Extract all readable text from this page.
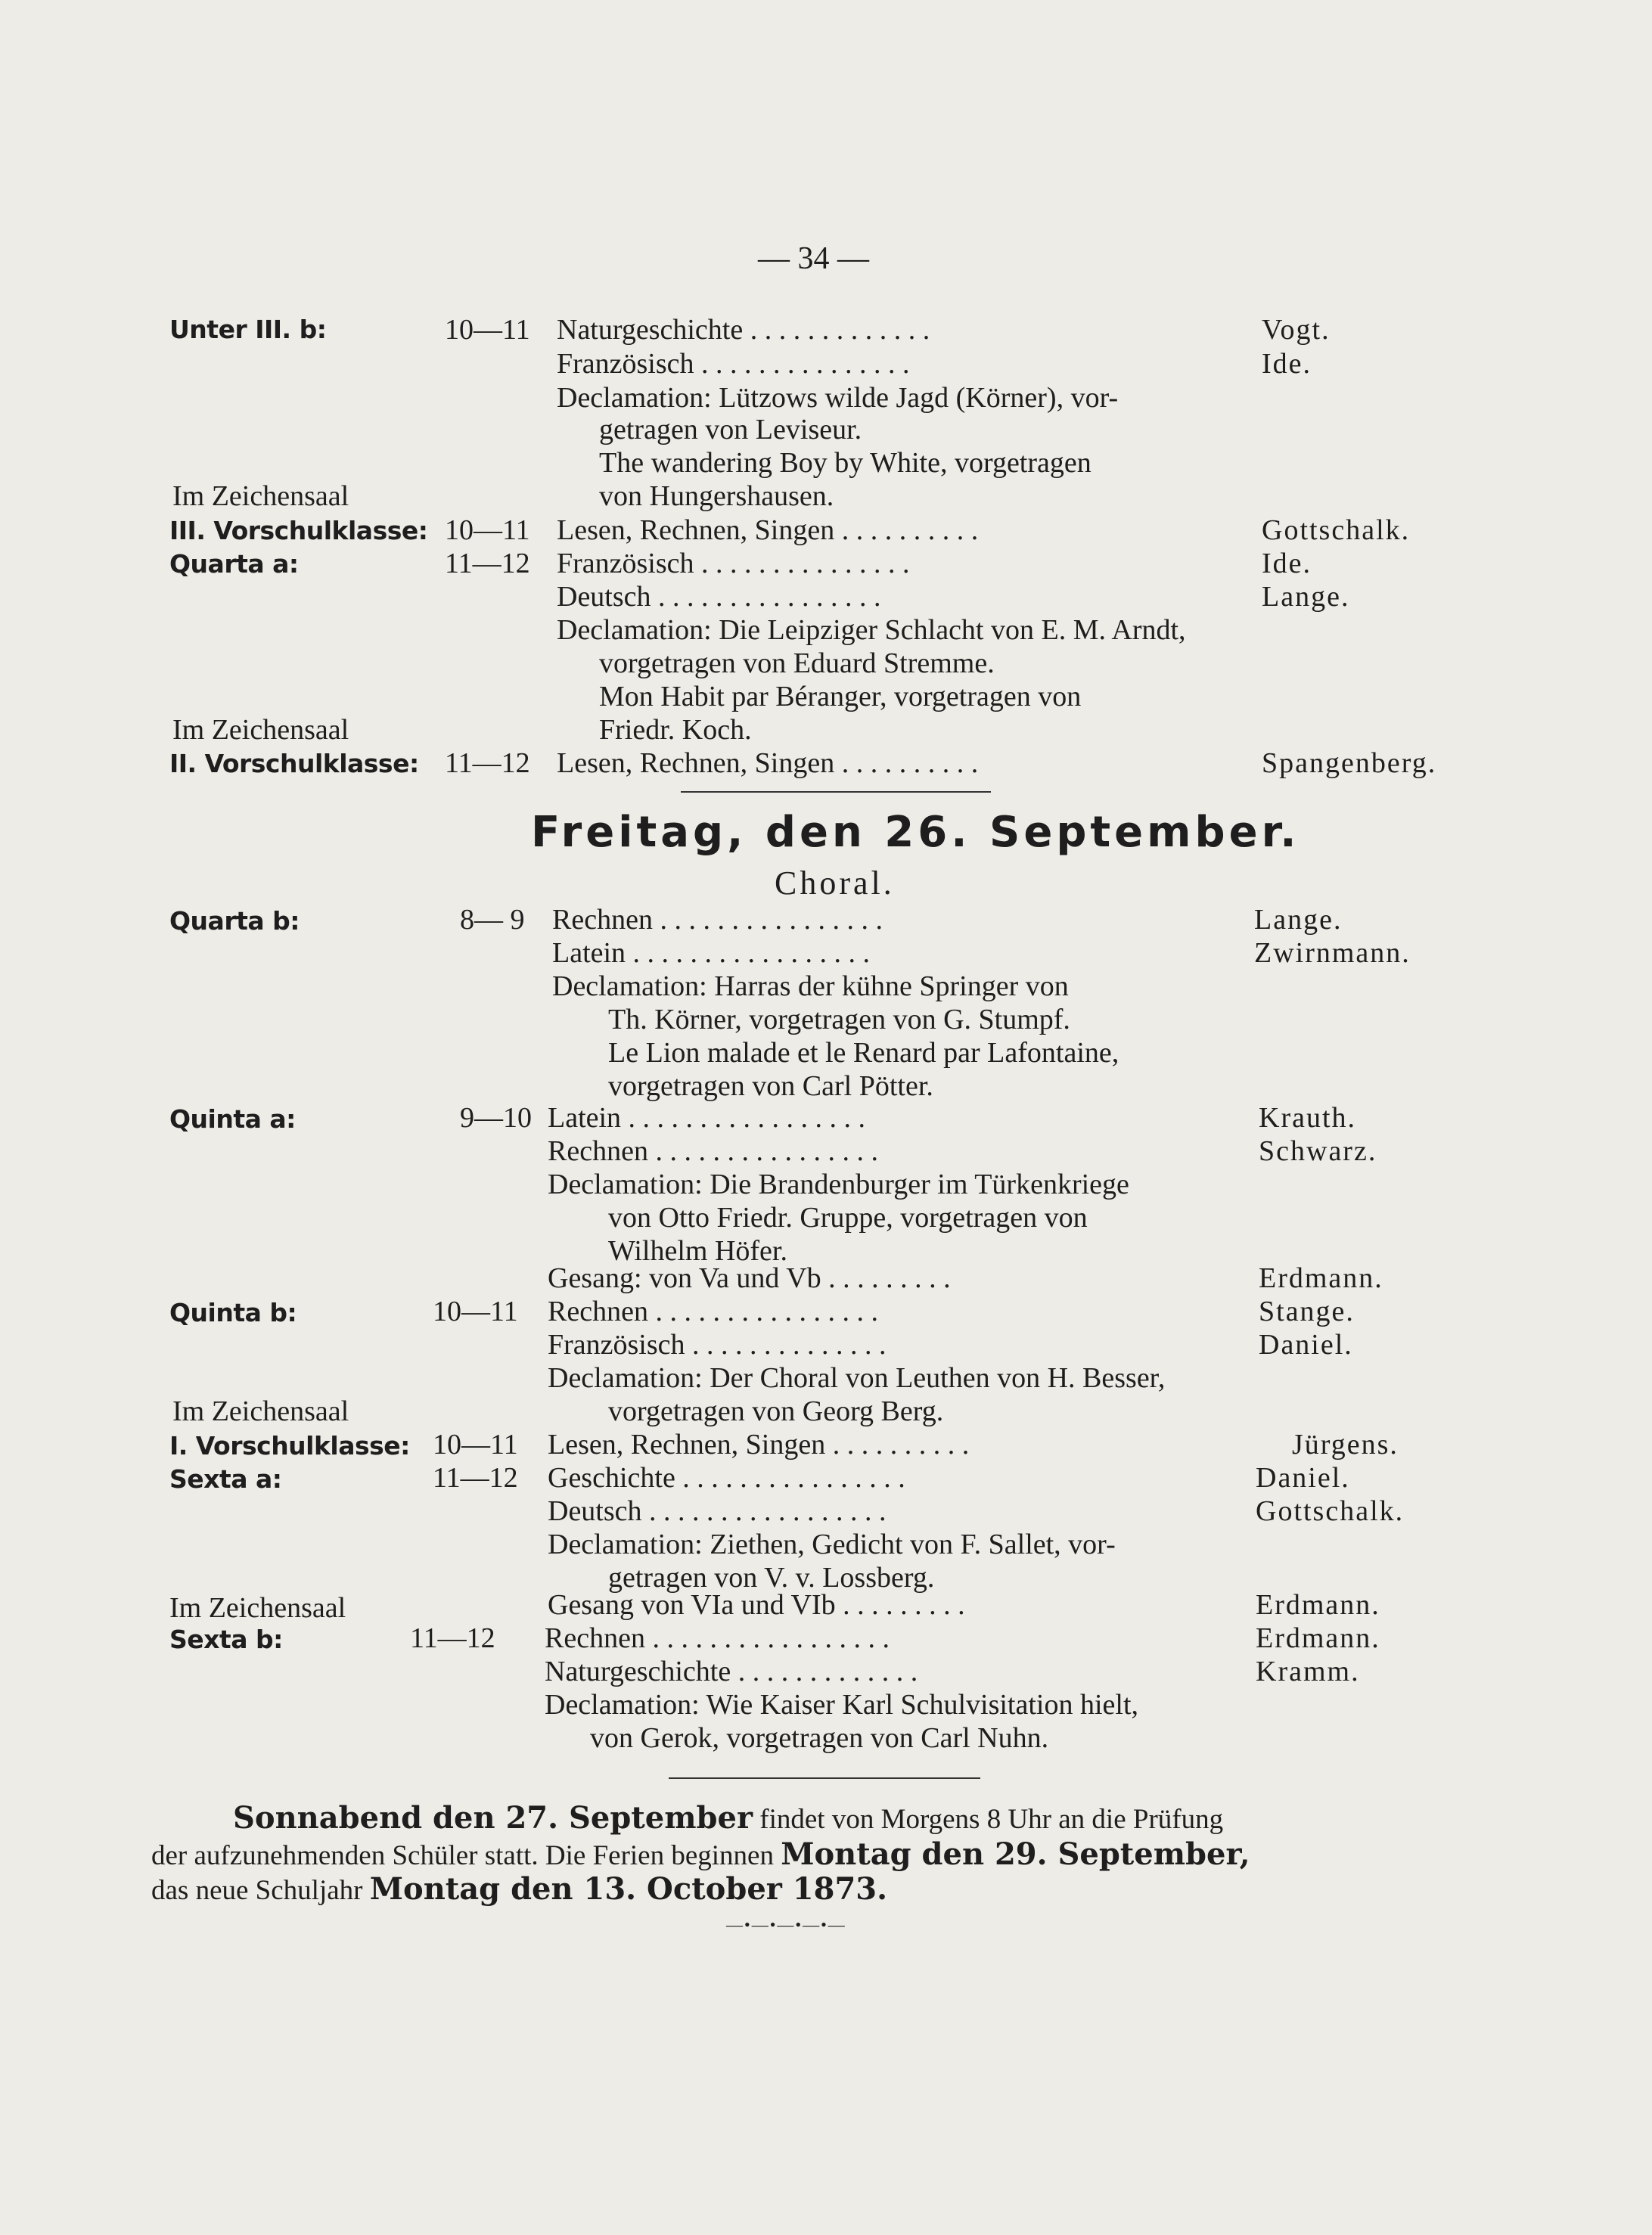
— 34 —
Unter III. b:	10—11 Naturgeschichte . . . . . . . . . . . . .	Vogt.
Französisch . . . . . . . . . . . . . . .	Ide.
Declamation: Lützows wilde Jagd (Körner), vor-
getragen von Leviseur.
The wandering Boy by White, vorgetragen
von Hungershausen.
Im Zeichensaal
III. Vorschulklasse: 10—11 Lesen, Rechnen, Singen . . . . . . . . . .	Gottschalk.
Quarta a:	11—12 Französisch . . . . . . . . . . . . . . .	Ide.
Deutsch . . . . . . . . . . . . . . . .	Lange.
Declamation: Die Leipziger Schlacht von E. M. Arndt,
vorgetragen von Eduard Stremme.
Mon Habit par Béranger, vorgetragen von
Friedr. Koch.
Im Zeichensaal
II. Vorschulklasse: 11—12 Lesen, Rechnen, Singen . . . . . . . . . .	Spangenberg.
Freitag, den 26. September.
Choral.
Quarta b:	8— 9 Rechnen . . . . . . . . . . . . . . . .	Lange.
Latein . . . . . . . . . . . . . . . . .	Zwirnmann.
Declamation: Harras der kühne Springer von
Th. Körner, vorgetragen von G. Stumpf.
Le Lion malade et le Renard par Lafontaine,
vorgetragen von Carl Pötter.
Quinta a:	9—10 Latein . . . . . . . . . . . . . . . . .	Krauth.
Rechnen . . . . . . . . . . . . . . . .	Schwarz.
Declamation: Die Brandenburger im Türkenkriege
von Otto Friedr. Gruppe, vorgetragen von
Wilhelm Höfer.
Gesang: von Va und Vb . . . . . . . . .	Erdmann.
Quinta b:	10—11 Rechnen . . . . . . . . . . . . . . . .	Stange.
Französisch . . . . . . . . . . . . . .	Daniel.
Declamation: Der Choral von Leuthen von H. Besser,
vorgetragen von Georg Berg.
Im Zeichensaal
I. Vorschulklasse: 10—11 Lesen, Rechnen, Singen . . . . . . . . . .	Jürgens.
Sexta a:	11—12 Geschichte . . . . . . . . . . . . . . . .	Daniel.
Deutsch . . . . . . . . . . . . . . . . .	Gottschalk.
Declamation: Ziethen, Gedicht von F. Sallet, vor-
getragen von V. v. Lossberg.
Im Zeichensaal	Gesang von VIa und VIb . . . . . . . . .	Erdmann.
Sexta b:	11—12 Rechnen . . . . . . . . . . . . . . . . .	Erdmann.
Naturgeschichte . . . . . . . . . . . . .	Kramm.
Declamation: Wie Kaiser Karl Schulvisitation hielt,
von Gerok, vorgetragen von Carl Nuhn.
Sonnabend den 27. September findet von Morgens 8 Uhr an die Prüfung
der aufzunehmenden Schüler statt. Die Ferien beginnen Montag den 29. September,
das neue Schuljahr Montag den 13. October 1873.
—•—•—•—•—
